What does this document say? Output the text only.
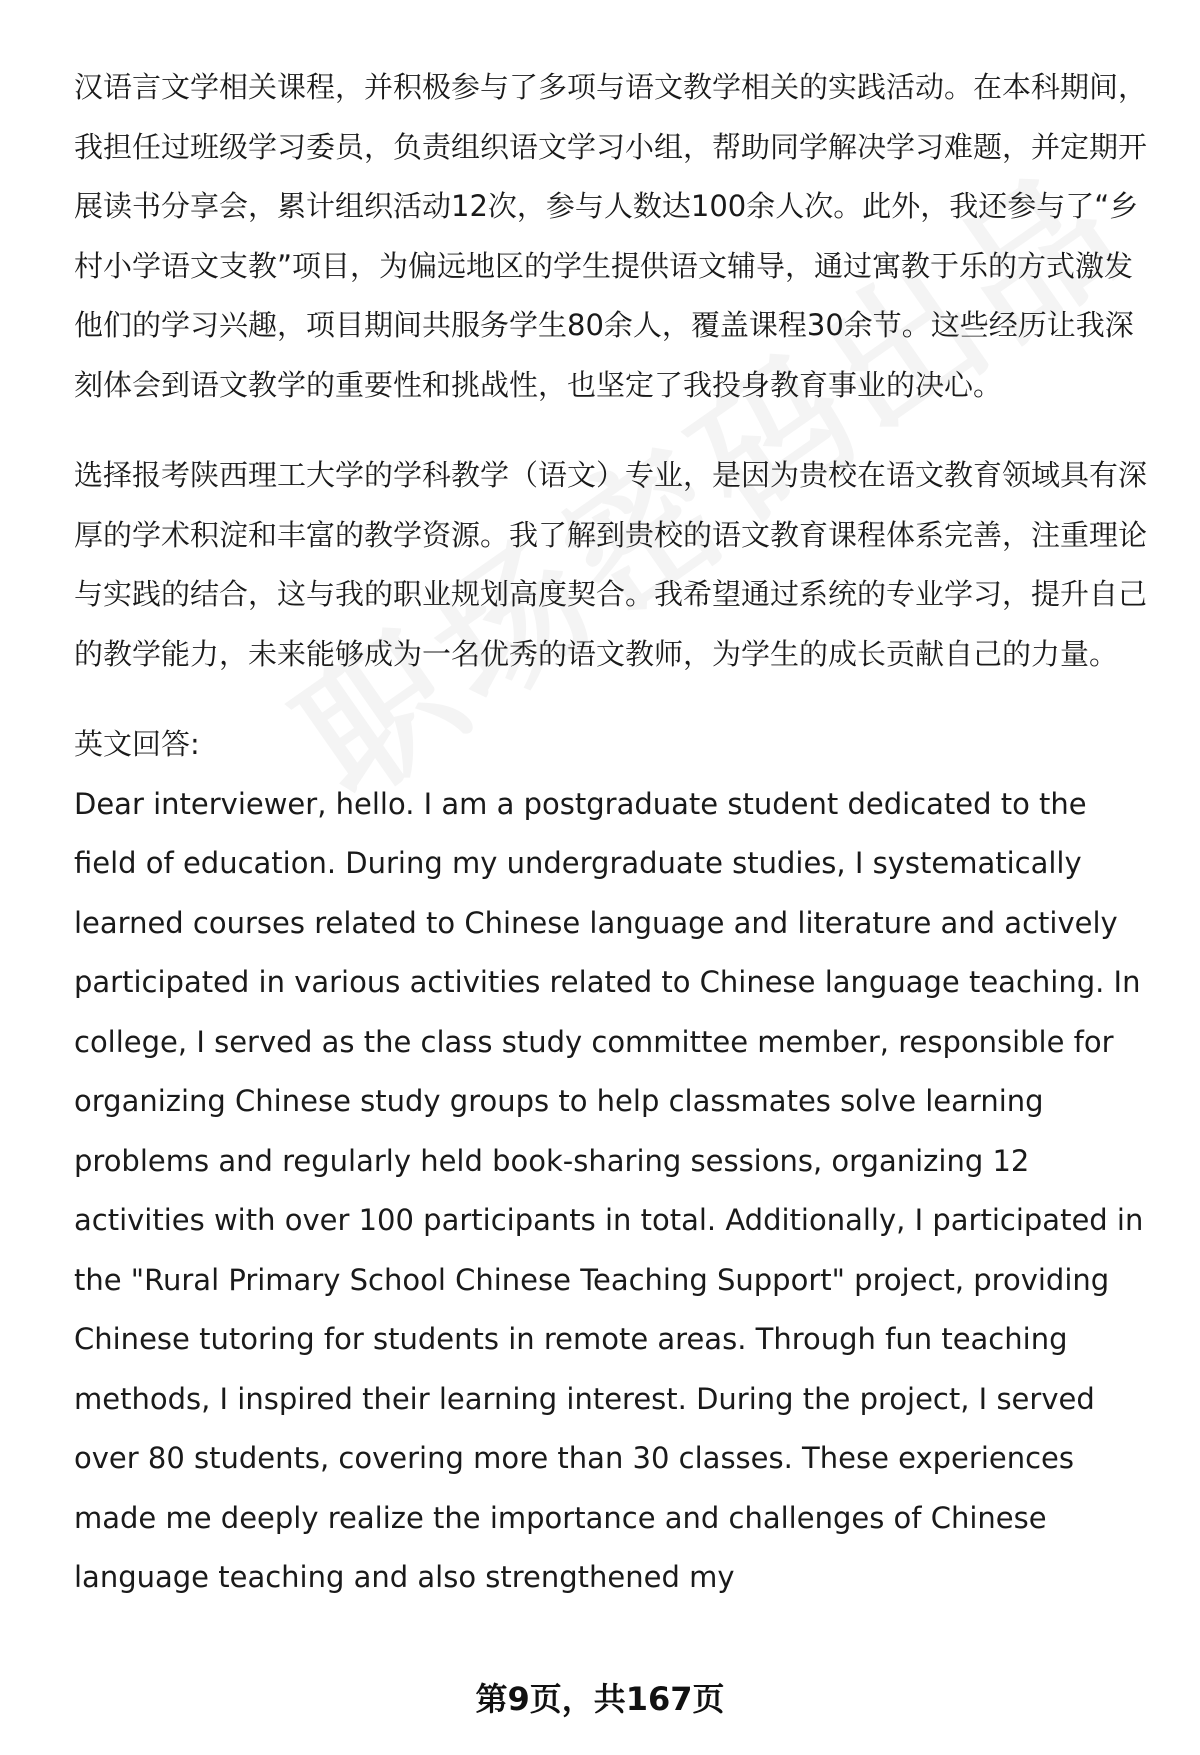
汉语言文学相关课程，并积极参与了多项与语文教学相关的实践活动。在本科期间，我担任过班级学习委员，负责组织语文学习小组，帮助同学解决学习难题，并定期开展读书分享会，累计组织活动12次，参与人数达100余人次。此外，我还参与了“乡村小学语文支教”项目，为偏远地区的学生提供语文辅导，通过寓教于乐的方式激发他们的学习兴趣，项目期间共服务学生80余人，覆盖课程30余节。这些经历让我深刻体会到语文教学的重要性和挑战性，也坚定了我投身教育事业的决心。

选择报考陕西理工大学的学科教学（语文）专业，是因为贵校在语文教育领域具有深厚的学术积淀和丰富的教学资源。我了解到贵校的语文教育课程体系完善，注重理论与实践的结合，这与我的职业规划高度契合。我希望通过系统的专业学习，提升自己的教学能力，未来能够成为一名优秀的语文教师，为学生的成长贡献自己的力量。

英文回答:

Dear interviewer, hello. I am a postgraduate student dedicated to the field of education. During my undergraduate studies, I systematically learned courses related to Chinese language and literature and actively participated in various activities related to Chinese language teaching. In college, I served as the class study committee member, responsible for organizing Chinese study groups to help classmates solve learning problems and regularly held book-sharing sessions, organizing 12 activities with over 100 participants in total. Additionally, I participated in the "Rural Primary School Chinese Teaching Support" project, providing Chinese tutoring for students in remote areas. Through fun teaching methods, I inspired their learning interest. During the project, I served over 80 students, covering more than 30 classes. These experiences made me deeply realize the importance and challenges of Chinese language teaching and also strengthened my

第9页，共167页
